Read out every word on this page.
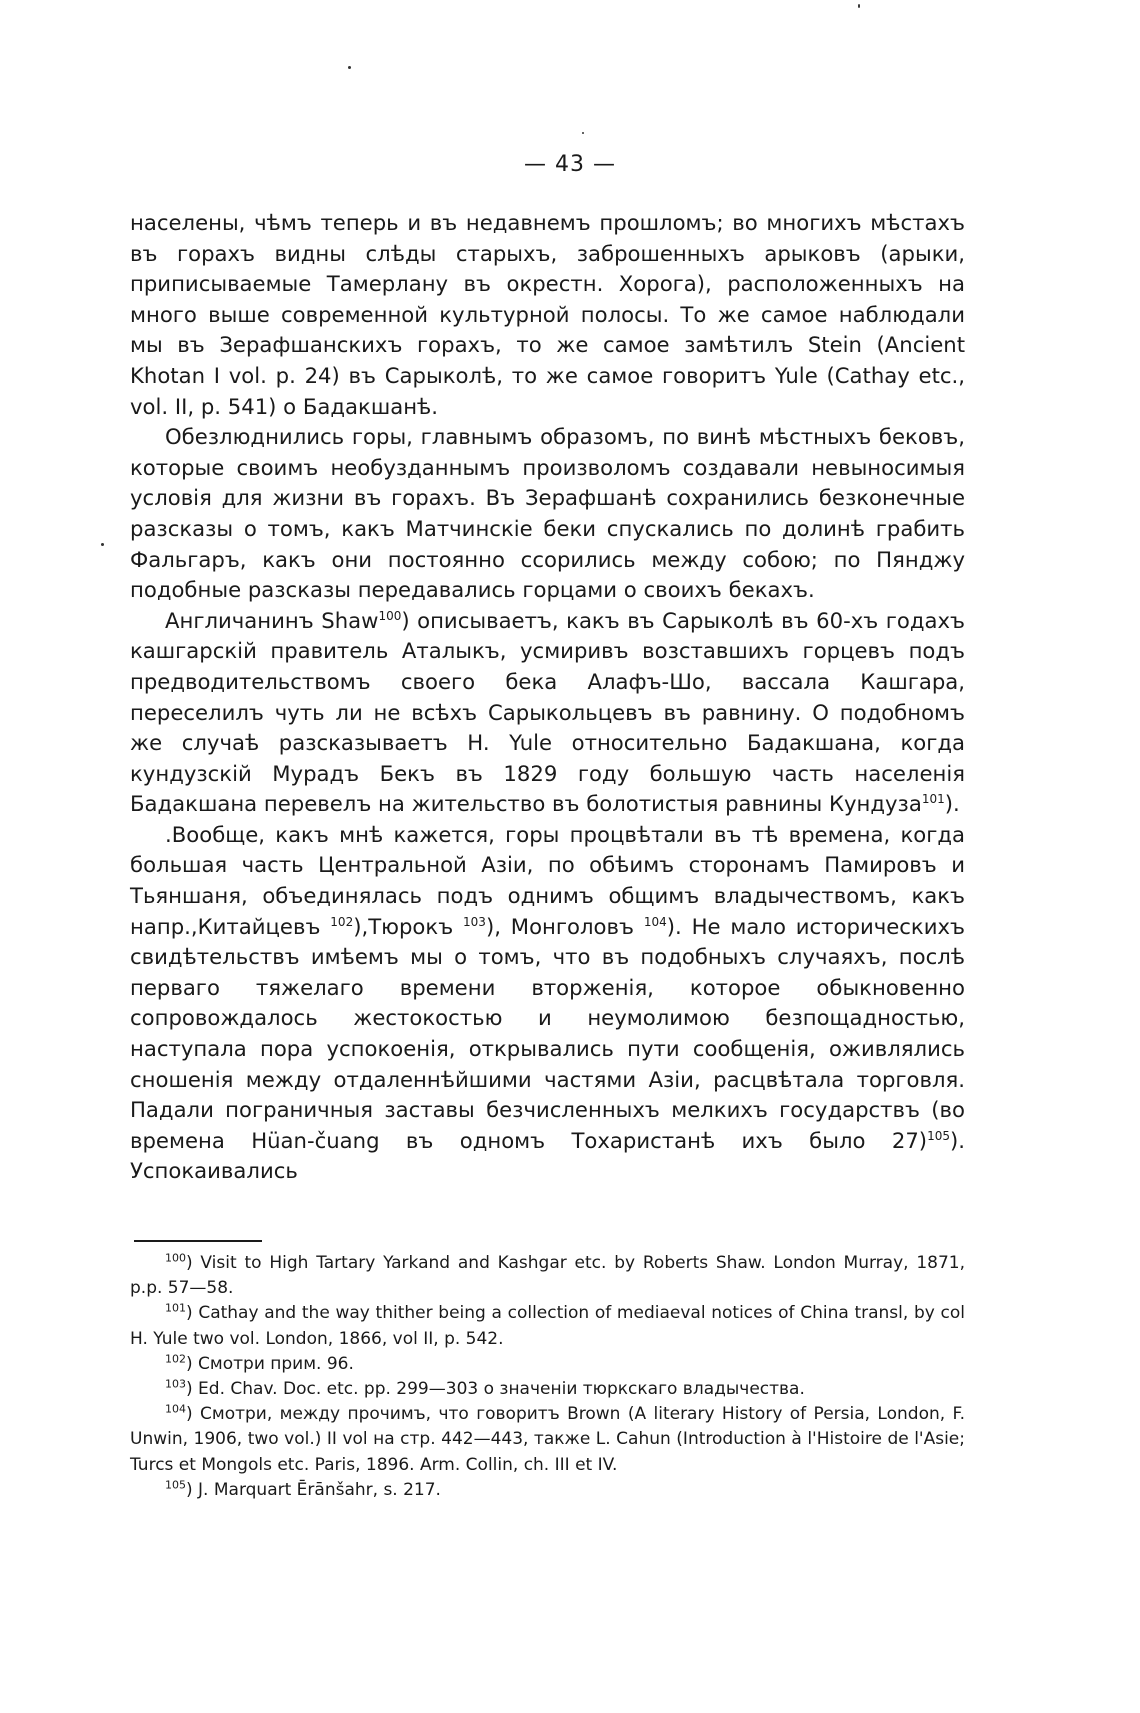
— 43 —

населены, чѣмъ теперь и въ недавнемъ прошломъ; во многихъ мѣстахъ въ горахъ видны слѣды старыхъ, заброшенныхъ арыковъ (арыки, приписываемые Тамерлану въ окрестн. Хорога), расположенныхъ на много выше современной культурной полосы. То же самое наблюдали мы въ Зерафшанскихъ горахъ, то же самое замѣтилъ Stein (Ancient Khotan I vol. p. 24) въ Сарыколѣ, то же самое говоритъ Yule (Cathay etc., vol. II, p. 541) о Бадакшанѣ.

Обезлюднились горы, главнымъ образомъ, по винѣ мѣстныхъ бековъ, которые своимъ необузданнымъ произволомъ создавали невыносимыя условія для жизни въ горахъ. Въ Зерафшанѣ сохранились безконечные разсказы о томъ, какъ Матчинскіе беки спускались по долинѣ грабить Фальгаръ, какъ они постоянно ссорились между собою; по Пянджу подобные разсказы передавались горцами о своихъ бекахъ.

Англичанинъ Shaw$^{100}$) описываетъ, какъ въ Сарыколѣ въ 60-хъ годахъ кашгарскій правитель Аталыкъ, усмиривъ возставшихъ горцевъ подъ предводительствомъ своего бека Алафъ-Шо, вассала Кашгара, переселилъ чуть ли не всѣхъ Сарыкольцевъ въ равнину. О подобномъ же случаѣ разсказываетъ H. Yule относительно Бадакшана, когда кундузскій Мурадъ Бекъ въ 1829 году большую часть населенія Бадакшана перевелъ на жительство въ болотистыя равнины Кундуза$^{101}$).

.Вообще, какъ мнѣ кажется, горы процвѣтали въ тѣ времена, когда большая часть Центральной Азіи, по обѣимъ сторонамъ Памировъ и Тьяншаня, объединялась подъ однимъ общимъ владычествомъ, какъ напр.,Китайцевъ $^{102}$),Тюрокъ $^{103}$), Монголовъ $^{104}$). Не мало историческихъ свидѣтельствъ имѣемъ мы о томъ, что въ подобныхъ случаяхъ, послѣ перваго тяжелаго времени вторженія, которое обыкновенно сопровождалось жестокостью и неумолимою безпощадностью, наступала пора успокоенія, открывались пути сообщенія, оживлялись сношенія между отдаленнѣйшими частями Азіи, расцвѣтала торговля. Падали пограничныя заставы безчисленныхъ мелкихъ государствъ (во времена Hüan-čuang въ одномъ Тохаристанѣ ихъ было 27)$^{105}$). Успокаивались

$^{100}$) Visit to High Tartary Yarkand and Kashgar etc. by Roberts Shaw. London Murray, 1871, p.p. 57—58.

$^{101}$) Cathay and the way thither being a collection of mediaeval notices of China transl, by col H. Yule two vol. London, 1866, vol II, p. 542.

$^{102}$) Смотри прим. 96.

$^{103}$) Ed. Chav. Doc. etc. pp. 299—303 о значеніи тюркскаго владычества.

$^{104}$) Смотри, между прочимъ, что говоритъ Brown (A literary History of Persia, London, F. Unwin, 1906, two vol.) II vol на стр. 442—443, также L. Cahun (Introduction à l'Histoire de l'Asie; Turcs et Mongols etc. Paris, 1896. Arm. Collin, ch. III et IV.

$^{105}$) J. Marquart Ērānšahr, s. 217.
